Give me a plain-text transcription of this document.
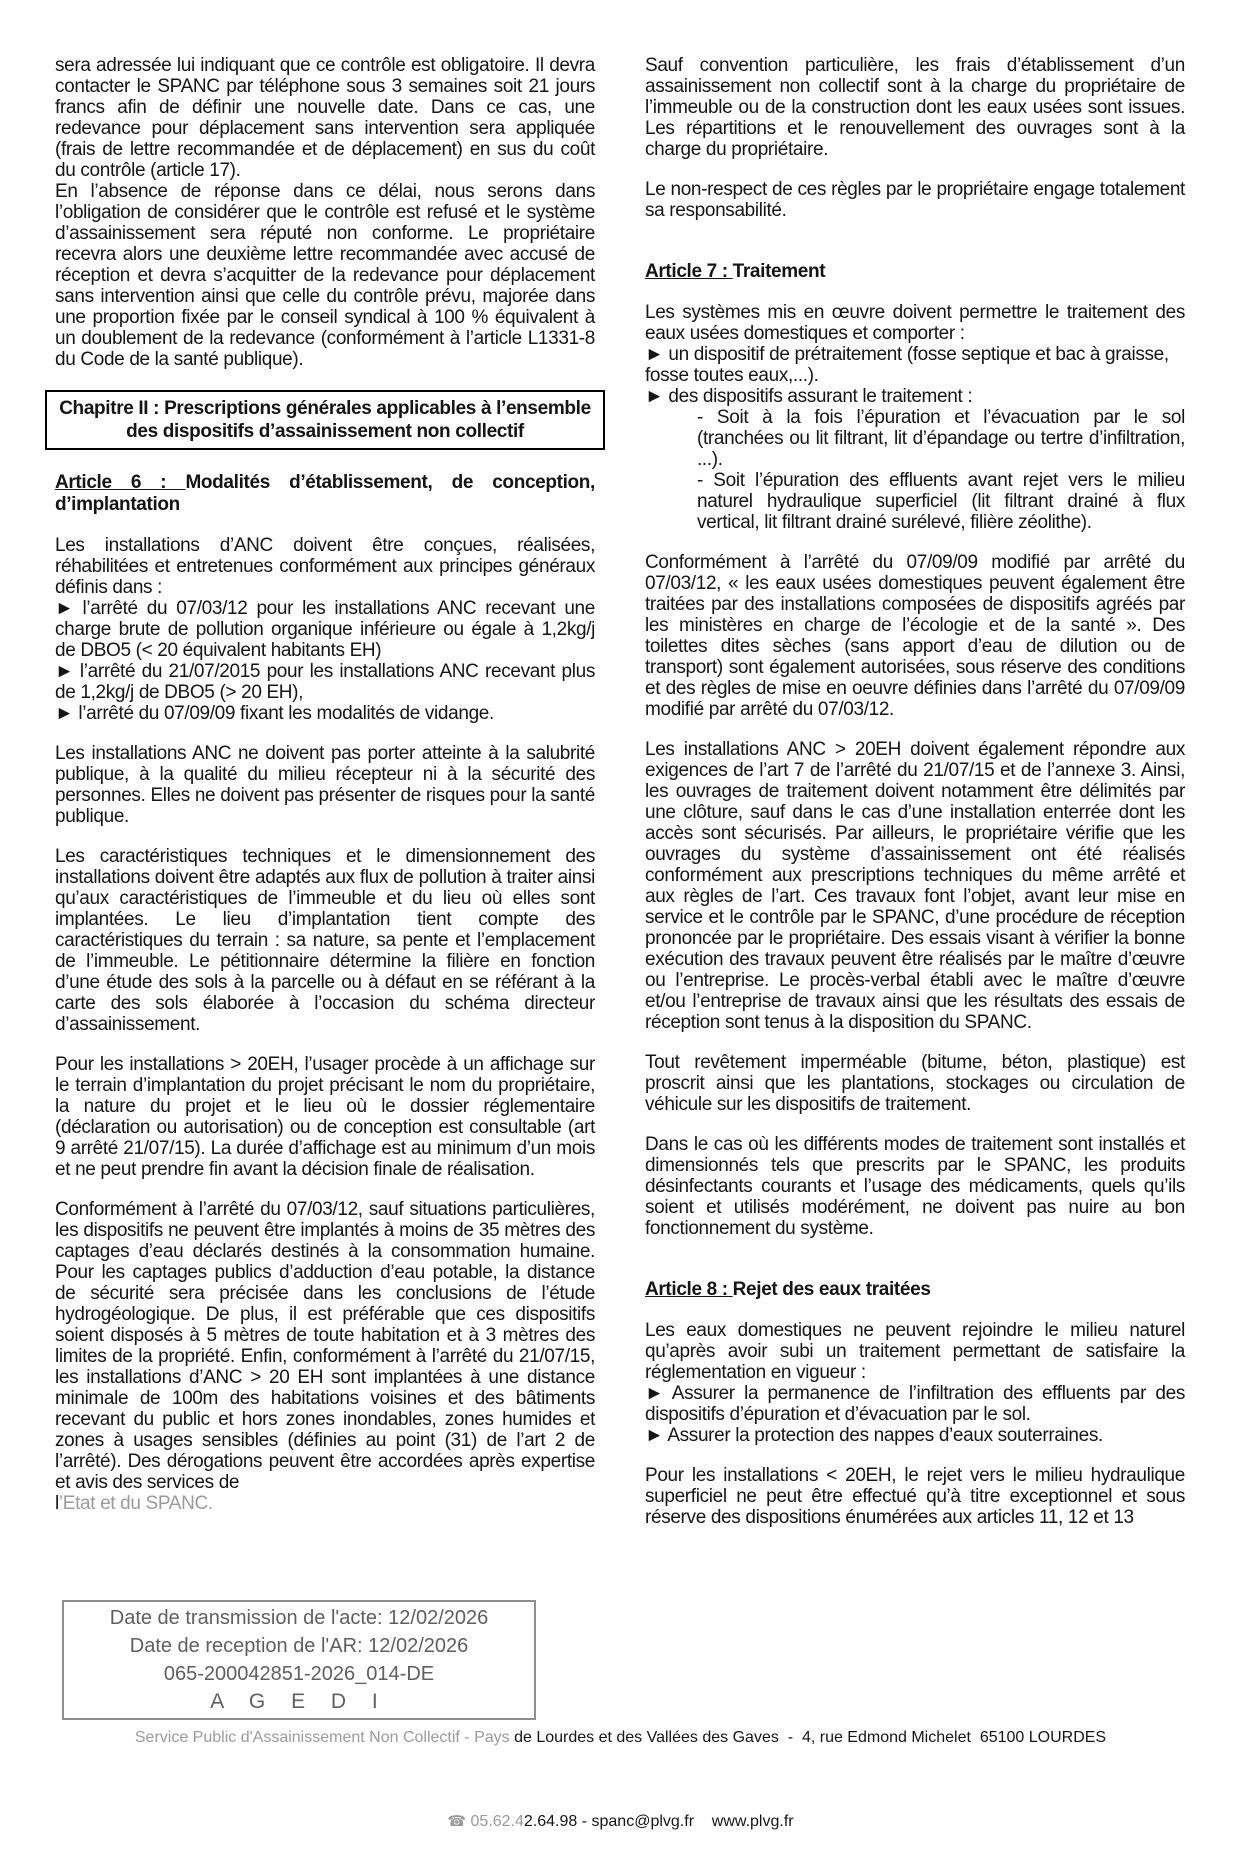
sera adressée lui indiquant que ce contrôle est obligatoire. Il devra contacter le SPANC par téléphone sous 3 semaines soit 21 jours francs afin de définir une nouvelle date. Dans ce cas, une redevance pour déplacement sans intervention sera appliquée (frais de lettre recommandée et de déplacement) en sus du coût du contrôle (article 17).
En l’absence de réponse dans ce délai, nous serons dans l’obligation de considérer que le contrôle est refusé et le système d’assainissement sera réputé non conforme. Le propriétaire recevra alors une deuxième lettre recommandée avec accusé de réception et devra s’acquitter de la redevance pour déplacement sans intervention ainsi que celle du contrôle prévu, majorée dans une proportion fixée par le conseil syndical à 100 % équivalent à un doublement de la redevance (conformément à l’article L1331-8 du Code de la santé publique).
Chapitre II : Prescriptions générales applicables à l’ensemble des dispositifs d’assainissement non collectif
Article 6 : Modalités d’établissement, de conception,
d’implantation
Les installations d’ANC doivent être conçues, réalisées, réhabilitées et entretenues conformément aux principes généraux définis dans :
► l’arrêté du 07/03/12 pour les installations ANC recevant une charge brute de pollution organique inférieure ou égale à 1,2kg/j de DBO5 (< 20 équivalent habitants EH)
► l’arrêté du 21/07/2015 pour les installations ANC recevant plus de 1,2kg/j de DBO5 (> 20 EH),
► l’arrêté du 07/09/09 fixant les modalités de vidange.
Les installations ANC ne doivent pas porter atteinte à la salubrité publique, à la qualité du milieu récepteur ni à la sécurité des personnes. Elles ne doivent pas présenter de risques pour la santé publique.
Les caractéristiques techniques et le dimensionnement des installations doivent être adaptés aux flux de pollution à traiter ainsi qu’aux caractéristiques de l’immeuble et du lieu où elles sont implantées. Le lieu d’implantation tient compte des caractéristiques du terrain : sa nature, sa pente et l’emplacement de l’immeuble. Le pétitionnaire détermine la filière en fonction d’une étude des sols à la parcelle ou à défaut en se référant à la carte des sols élaborée à l’occasion du schéma directeur d’assainissement.
Pour les installations > 20EH, l’usager procède à un affichage sur le terrain d’implantation du projet précisant le nom du propriétaire, la nature du projet et le lieu où le dossier réglementaire (déclaration ou autorisation) ou de conception est consultable (art 9 arrêté 21/07/15). La durée d’affichage est au minimum d’un mois et ne peut prendre fin avant la décision finale de réalisation.
Conformément à l’arrêté du 07/03/12, sauf situations particulières, les dispositifs ne peuvent être implantés à moins de 35 mètres des captages d’eau déclarés destinés à la consommation humaine. Pour les captages publics d’adduction d’eau potable, la distance de sécurité sera précisée dans les conclusions de l’étude hydrogéologique. De plus, il est préférable que ces dispositifs soient disposés à 5 mètres de toute habitation et à 3 mètres des limites de la propriété. Enfin, conformément à l’arrêté du 21/07/15, les installations d’ANC > 20 EH sont implantées à une distance minimale de 100m des habitations voisines et des bâtiments recevant du public et hors zones inondables, zones humides et zones à usages sensibles (définies au point (31) de l’art 2 de l’arrêté). Des dérogations peuvent être accordées après expertise et avis des services de
l’Etat et du SPANC.
Sauf convention particulière, les frais d’établissement d’un assainissement non collectif sont à la charge du propriétaire de l’immeuble ou de la construction dont les eaux usées sont issues. Les répartitions et le renouvellement des ouvrages sont à la charge du propriétaire.
Le non-respect de ces règles par le propriétaire engage totalement sa responsabilité.
Article 7 : Traitement
Les systèmes mis en œuvre doivent permettre le traitement des eaux usées domestiques et comporter :
► un dispositif de prétraitement (fosse septique et bac à graisse, fosse toutes eaux,...).
► des dispositifs assurant le traitement :
- Soit à la fois l’épuration et l’évacuation par le sol (tranchées ou lit filtrant, lit d’épandage ou tertre d’infiltration, ...).
- Soit l’épuration des effluents avant rejet vers le milieu naturel hydraulique superficiel (lit filtrant drainé à flux vertical, lit filtrant drainé surélevé, filière zéolithe).
Conformément à l’arrêté du 07/09/09 modifié par arrêté du 07/03/12, « les eaux usées domestiques peuvent également être traitées par des installations composées de dispositifs agréés par les ministères en charge de l’écologie et de la santé ». Des toilettes dites sèches (sans apport d’eau de dilution ou de transport) sont également autorisées, sous réserve des conditions et des règles de mise en oeuvre définies dans l’arrêté du 07/09/09 modifié par arrêté du 07/03/12.
Les installations ANC > 20EH doivent également répondre aux exigences de l’art 7 de l’arrêté du 21/07/15 et de l’annexe 3. Ainsi, les ouvrages de traitement doivent notamment être délimités par une clôture, sauf dans le cas d’une installation enterrée dont les accès sont sécurisés. Par ailleurs, le propriétaire vérifie que les ouvrages du système d’assainissement ont été réalisés conformément aux prescriptions techniques du même arrêté et aux règles de l’art. Ces travaux font l’objet, avant leur mise en service et le contrôle par le SPANC, d’une procédure de réception prononcée par le propriétaire. Des essais visant à vérifier la bonne exécution des travaux peuvent être réalisés par le maître d’œuvre ou l’entreprise. Le procès-verbal établi avec le maître d’œuvre et/ou l’entreprise de travaux ainsi que les résultats des essais de réception sont tenus à la disposition du SPANC.
Tout revêtement imperméable (bitume, béton, plastique) est proscrit ainsi que les plantations, stockages ou circulation de véhicule sur les dispositifs de traitement.
Dans le cas où les différents modes de traitement sont installés et dimensionnés tels que prescrits par le SPANC, les produits désinfectants courants et l’usage des médicaments, quels qu’ils soient et utilisés modérément, ne doivent pas nuire au bon fonctionnement du système.
Article 8 : Rejet des eaux traitées
Les eaux domestiques ne peuvent rejoindre le milieu naturel qu’après avoir subi un traitement permettant de satisfaire la réglementation en vigueur :
► Assurer la permanence de l’infiltration des effluents par des dispositifs d’épuration et d’évacuation par le sol.
► Assurer la protection des nappes d’eaux souterraines.
Pour les installations < 20EH, le rejet vers le milieu hydraulique superficiel ne peut être effectué qu’à titre exceptionnel et sous réserve des dispositions énumérées aux articles 11, 12 et 13

Service Public d'Assainissement Non Collectif - Pays de Lourdes et des Vallées des Gaves  -  4, rue Edmond Michelet  65100 LOURDES

☎ 05.62.42.64.98 - spanc@plvg.fr    www.plvg.fr

Date de transmission de l'acte: 12/02/2026
Date de reception de l'AR: 12/02/2026
065-200042851-2026_014-DE
A G E D I
